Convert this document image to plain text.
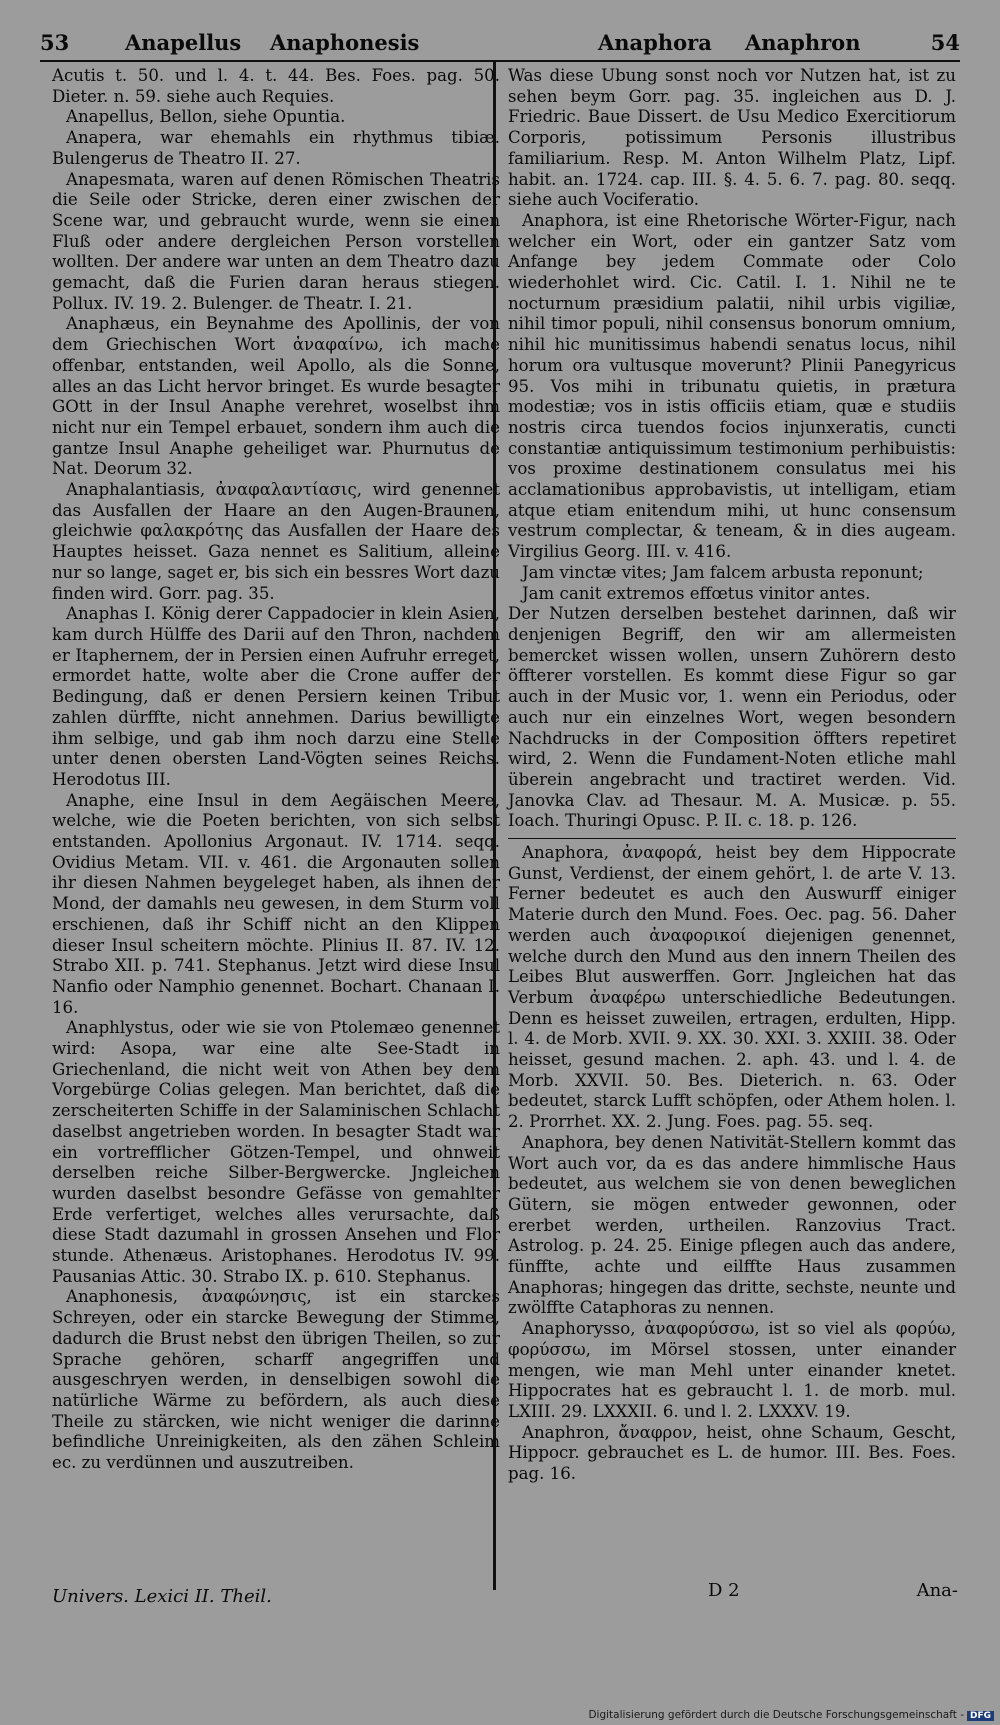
53	Anapellus Anaphonesis	Anaphora Anaphron	54

Acutis t. 50. und l. 4. t. 44. Bes. Foes. pag. 50. Dieter. n. 59. siehe auch Requies.

Anapellus, Bellon, siehe Opuntia.

Anapera, war ehemahls ein rhythmus tibiæ. Bulengerus de Theatro II. 27.

Anapesmata, waren auf denen Römischen Theatris die Seile oder Stricke, deren einer zwischen der Scene war, und gebraucht wurde, wenn sie einen Fluß oder andere dergleichen Person vorstellen wollten. Der andere war unten an dem Theatro dazu gemacht, daß die Furien daran heraus stiegen. Pollux. IV. 19. 2. Bulenger. de Theatr. I. 21.

Anaphæus, ein Beynahme des Apollinis, der von dem Griechischen Wort ἀναφαίνω, ich mache offenbar, entstanden, weil Apollo, als die Sonne, alles an das Licht hervor bringet. Es wurde besagter GOtt in der Insul Anaphe verehret, woselbst ihm nicht nur ein Tempel erbauet, sondern ihm auch die gantze Insul Anaphe geheiliget war. Phurnutus de Nat. Deorum 32.

Anaphalantiasis, ἀναφαλαντίασις, wird genennet das Ausfallen der Haare an den Augen-Braunen, gleichwie φαλακρότης das Ausfallen der Haare des Hauptes heisset. Gaza nennet es Salitium, alleine nur so lange, saget er, bis sich ein bessres Wort dazu finden wird. Gorr. pag. 35.

Anaphas I. König derer Cappadocier in klein Asien, kam durch Hülffe des Darii auf den Thron, nachdem er Itaphernem, der in Persien einen Aufruhr erreget, ermordet hatte, wolte aber die Crone auffer der Bedingung, daß er denen Persiern keinen Tribut zahlen dürffte, nicht annehmen. Darius bewilligte ihm selbige, und gab ihm noch darzu eine Stelle unter denen obersten Land-Vögten seines Reichs. Herodotus III.

Anaphe, eine Insul in dem Aegäischen Meere, welche, wie die Poeten berichten, von sich selbst entstanden. Apollonius Argonaut. IV. 1714. seqq. Ovidius Metam. VII. v. 461. die Argonauten sollen ihr diesen Nahmen beygeleget haben, als ihnen der Mond, der damahls neu gewesen, in dem Sturm voll erschienen, daß ihr Schiff nicht an den Klippen dieser Insul scheitern möchte. Plinius II. 87. IV. 12. Strabo XII. p. 741. Stephanus. Jetzt wird diese Insul Nanfio oder Namphio genennet. Bochart. Chanaan I. 16.

Anaphlystus, oder wie sie von Ptolemæo genennet wird: Asopa, war eine alte See-Stadt in Griechenland, die nicht weit von Athen bey dem Vorgebürge Colias gelegen. Man berichtet, daß die zerscheiterten Schiffe in der Salaminischen Schlacht daselbst angetrieben worden. In besagter Stadt war ein vortrefflicher Götzen-Tempel, und ohnweit derselben reiche Silber-Bergwercke. Jngleichen wurden daselbst besondre Gefässe von gemahlter Erde verfertiget, welches alles verursachte, daß diese Stadt dazumahl in grossen Ansehen und Flor stunde. Athenæus. Aristophanes. Herodotus IV. 99. Pausanias Attic. 30. Strabo IX. p. 610. Stephanus.

Anaphonesis, ἀναφώνησις, ist ein starckes Schreyen, oder ein starcke Bewegung der Stimme, dadurch die Brust nebst den übrigen Theilen, so zur Sprache gehören, scharff angegriffen und ausgeschryen werden, in denselbigen sowohl die natürliche Wärme zu befördern, als auch diese Theile zu stärcken, wie nicht weniger die darinne befindliche Unreinigkeiten, als den zähen Schleim ec. zu verdünnen und auszutreiben.

Was diese Ubung sonst noch vor Nutzen hat, ist zu sehen beym Gorr. pag. 35. ingleichen aus D. J. Friedric. Baue Dissert. de Usu Medico Exercitiorum Corporis, potissimum Personis illustribus familiarium. Resp. M. Anton Wilhelm Platz, Lipf. habit. an. 1724. cap. III. §. 4. 5. 6. 7. pag. 80. seqq. siehe auch Vociferatio.

Anaphora, ist eine Rhetorische Wörter-Figur, nach welcher ein Wort, oder ein gantzer Satz vom Anfange bey jedem Commate oder Colo wiederhohlet wird. Cic. Catil. I. 1. Nihil ne te nocturnum præsidium palatii, nihil urbis vigiliæ, nihil timor populi, nihil consensus bonorum omnium, nihil hic munitissimus habendi senatus locus, nihil horum ora vultusque moverunt? Plinii Panegyricus 95. Vos mihi in tribunatu quietis, in prætura modestiæ; vos in istis officiis etiam, quæ e studiis nostris circa tuendos focios injunxeratis, cuncti constantiæ antiquissimum testimonium perhibuistis: vos proxime destinationem consulatus mei his acclamationibus approbavistis, ut intelligam, etiam atque etiam enitendum mihi, ut hunc consensum vestrum complectar, & teneam, & in dies augeam. Virgilius Georg. III. v. 416.

Jam vinctæ vites; Jam falcem arbusta reponunt;

Jam canit extremos effœtus vinitor antes.

Der Nutzen derselben bestehet darinnen, daß wir denjenigen Begriff, den wir am allermeisten bemercket wissen wollen, unsern Zuhörern desto öffterer vorstellen. Es kommt diese Figur so gar auch in der Music vor, 1. wenn ein Periodus, oder auch nur ein einzelnes Wort, wegen besondern Nachdrucks in der Composition öffters repetiret wird, 2. Wenn die Fundament-Noten etliche mahl überein angebracht und tractiret werden. Vid. Janovka Clav. ad Thesaur. M. A. Musicæ. p. 55. Ioach. Thuringi Opusc. P. II. c. 18. p. 126.

Anaphora, ἀναφορά, heist bey dem Hippocrate Gunst, Verdienst, der einem gehört, l. de arte V. 13. Ferner bedeutet es auch den Auswurff einiger Materie durch den Mund. Foes. Oec. pag. 56. Daher werden auch ἀναφορικοί diejenigen genennet, welche durch den Mund aus den innern Theilen des Leibes Blut auswerffen. Gorr. Jngleichen hat das Verbum ἀναφέρω unterschiedliche Bedeutungen. Denn es heisset zuweilen, ertragen, erdulten, Hipp. l. 4. de Morb. XVII. 9. XX. 30. XXI. 3. XXIII. 38. Oder heisset, gesund machen. 2. aph. 43. und l. 4. de Morb. XXVII. 50. Bes. Dieterich. n. 63. Oder bedeutet, starck Lufft schöpfen, oder Athem holen. l. 2. Prorrhet. XX. 2. Jung. Foes. pag. 55. seq.

Anaphora, bey denen Nativität-Stellern kommt das Wort auch vor, da es das andere himmlische Haus bedeutet, aus welchem sie von denen beweglichen Gütern, sie mögen entweder gewonnen, oder ererbet werden, urtheilen. Ranzovius Tract. Astrolog. p. 24. 25. Einige pflegen auch das andere, fünffte, achte und eilffte Haus zusammen Anaphoras; hingegen das dritte, sechste, neunte und zwölffte Cataphoras zu nennen.

Anaphorysso, ἀναφορύσσω, ist so viel als φορύω, φορύσσω, im Mörsel stossen, unter einander mengen, wie man Mehl unter einander knetet. Hippocrates hat es gebraucht l. 1. de morb. mul. LXIII. 29. LXXXII. 6. und l. 2. LXXXV. 19.

Anaphron, ἄναφρον, heist, ohne Schaum, Gescht, Hippocr. gebrauchet es L. de humor. III. Bes. Foes. pag. 16.

Univers. Lexici II. Theil.	D 2	Ana-
Digitalisierung gefördert durch die Deutsche Forschungsgemeinschaft - DFG
